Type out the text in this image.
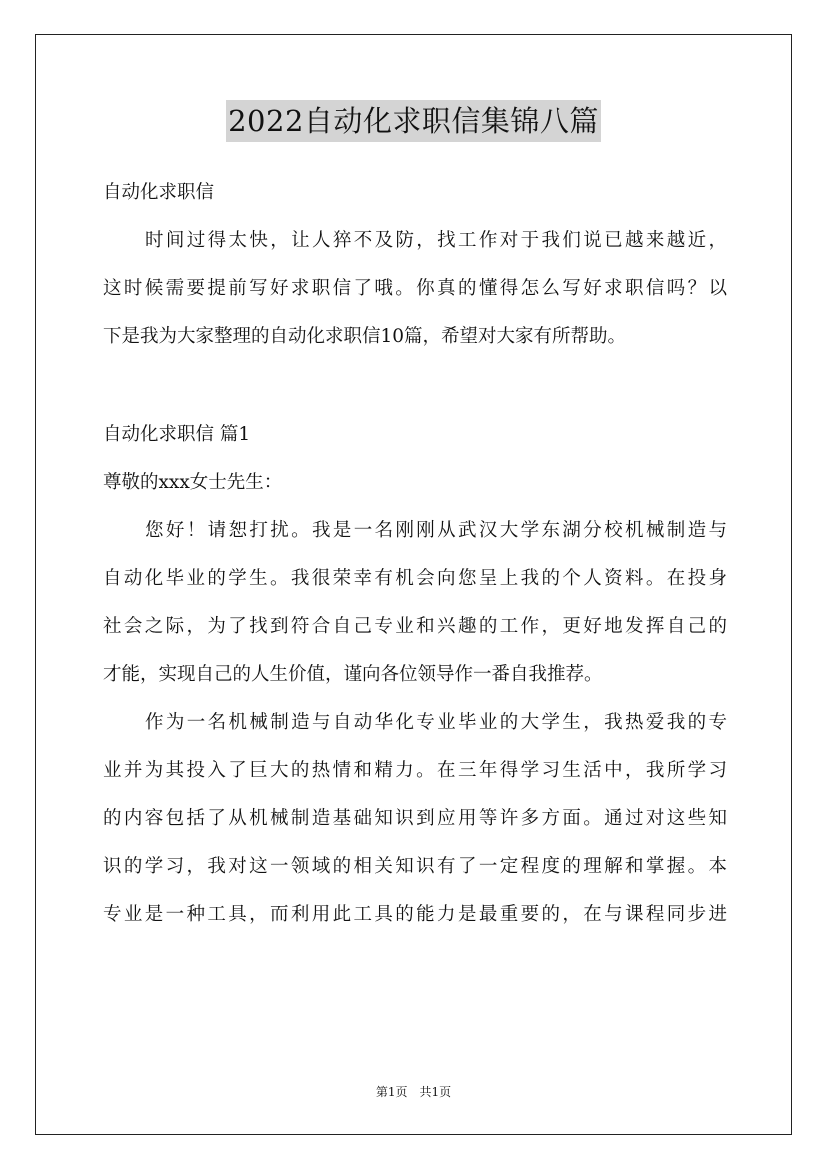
2022自动化求职信集锦八篇
自动化求职信
时间过得太快，让人猝不及防，找工作对于我们说已越来越近，
这时候需要提前写好求职信了哦。你真的懂得怎么写好求职信吗？以
下是我为大家整理的自动化求职信10篇，希望对大家有所帮助。
自动化求职信 篇1
尊敬的xxx女士先生：
您好！请恕打扰。我是一名刚刚从武汉大学东湖分校机械制造与
自动化毕业的学生。我很荣幸有机会向您呈上我的个人资料。在投身
社会之际，为了找到符合自己专业和兴趣的工作，更好地发挥自己的
才能，实现自己的人生价值，谨向各位领导作一番自我推荐。
作为一名机械制造与自动华化专业毕业的大学生，我热爱我的专
业并为其投入了巨大的热情和精力。在三年得学习生活中，我所学习
的内容包括了从机械制造基础知识到应用等许多方面。通过对这些知
识的学习，我对这一领域的相关知识有了一定程度的理解和掌握。本
专业是一种工具，而利用此工具的能力是最重要的，在与课程同步进
第1页　共1页
